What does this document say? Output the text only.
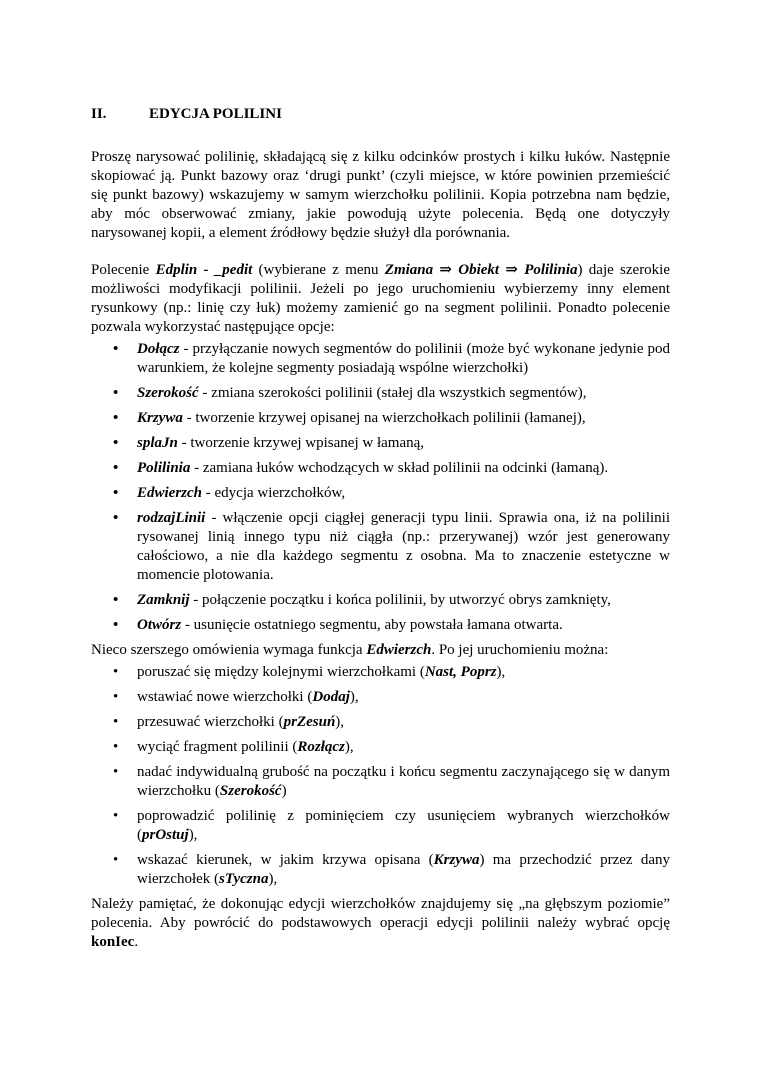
II.	EDYCJA POLILINI

Proszę narysować polilinię, składającą się z kilku odcinków prostych i kilku łuków. Następnie skopiować ją. Punkt bazowy oraz ‘drugi punkt’ (czyli miejsce, w które powinien przemieścić się punkt bazowy) wskazujemy w samym wierzchołku polilinii. Kopia potrzebna nam będzie, aby móc obserwować zmiany, jakie powodują użyte polecenia. Będą one dotyczyły narysowanej kopii, a element źródłowy będzie służył dla porównania.

Polecenie Edplin - _pedit (wybierane z menu Zmiana ⇒ Obiekt ⇒ Polilinia) daje szerokie możliwości modyfikacji polilinii. Jeżeli po jego uruchomieniu wybierzemy inny element rysunkowy (np.: linię czy łuk) możemy zamienić go na segment polilinii. Ponadto polecenie pozwala wykorzystać następujące opcje:

• Dołącz - przyłączanie nowych segmentów do polilinii (może być wykonane jedynie pod warunkiem, że kolejne segmenty posiadają wspólne wierzchołki)
• Szerokość - zmiana szerokości polilinii (stałej dla wszystkich segmentów),
• Krzywa - tworzenie krzywej opisanej na wierzchołkach polilinii (łamanej),
• splaJn - tworzenie krzywej wpisanej w łamaną,
• Polilinia - zamiana łuków wchodzących w skład polilinii na odcinki (łamaną).
• Edwierzch - edycja wierzchołków,
• rodzajLinii - włączenie opcji ciągłej generacji typu linii. Sprawia ona, iż na polilinii rysowanej linią innego typu niż ciągła (np.: przerywanej) wzór jest generowany całościowo, a nie dla każdego segmentu z osobna. Ma to znaczenie estetyczne w momencie plotowania.
• Zamknij - połączenie początku i końca polilinii, by utworzyć obrys zamknięty,
• Otwórz - usunięcie ostatniego segmentu, aby powstała łamana otwarta.

Nieco szerszego omówienia wymaga funkcja Edwierzch. Po jej uruchomieniu można:

• poruszać się między kolejnymi wierzchołkami (Nast, Poprz),
• wstawiać nowe wierzchołki (Dodaj),
• przesuwać wierzchołki (prZesuń),
• wyciąć fragment polilinii (Rozłącz),
• nadać indywidualną grubość na początku i końcu segmentu zaczynającego się w danym wierzchołku (Szerokość)
• poprowadzić polilinię z pominięciem czy usunięciem wybranych wierzchołków (prOstuj),
• wskazać kierunek, w jakim krzywa opisana (Krzywa) ma przechodzić przez dany wierzchołek (sTyczna),

Należy pamiętać, że dokonując edycji wierzchołków znajdujemy się „na głębszym poziomie” polecenia. Aby powrócić do podstawowych operacji edycji polilinii należy wybrać opcję konIec.
